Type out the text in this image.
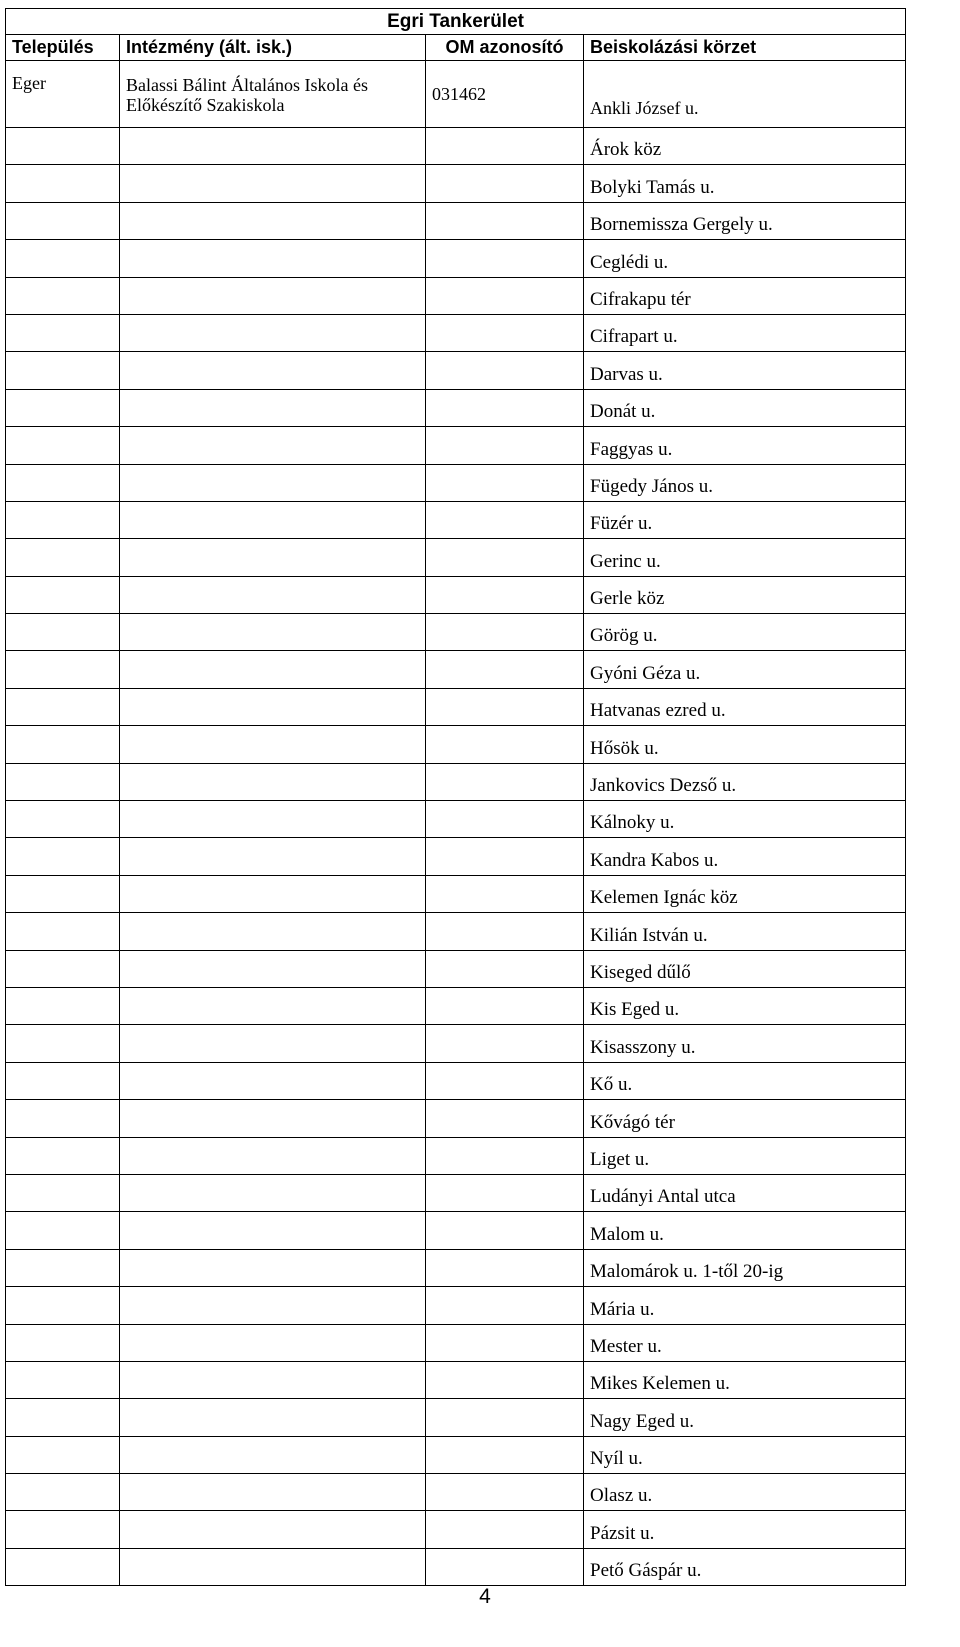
Egri Tankerület			
Település	Intézmény (ált. isk.)	OM azonosító	Beiskolázási körzet
Eger	Balassi Bálint Általános Iskola és Előkészítő Szakiskola	031462	Ankli József u.
			Árok köz
			Bolyki Tamás u.
			Bornemissza Gergely u.
			Ceglédi u.
			Cifrakapu tér
			Cifrapart u.
			Darvas u.
			Donát u.
			Faggyas u.
			Fügedy János u.
			Füzér u.
			Gerinc u.
			Gerle köz
			Görög u.
			Gyóni Géza u.
			Hatvanas ezred u.
			Hősök u.
			Jankovics Dezső u.
			Kálnoky u.
			Kandra Kabos u.
			Kelemen Ignác köz
			Kilián István u.
			Kiseged dűlő
			Kis Eged u.
			Kisasszony u.
			Kő u.
			Kővágó tér
			Liget u.
			Ludányi Antal utca
			Malom u.
			Malomárok u. 1-től 20-ig
			Mária u.
			Mester u.
			Mikes Kelemen u.
			Nagy Eged u.
			Nyíl u.
			Olasz u.
			Pázsit u.
			Pető Gáspár u.
4
